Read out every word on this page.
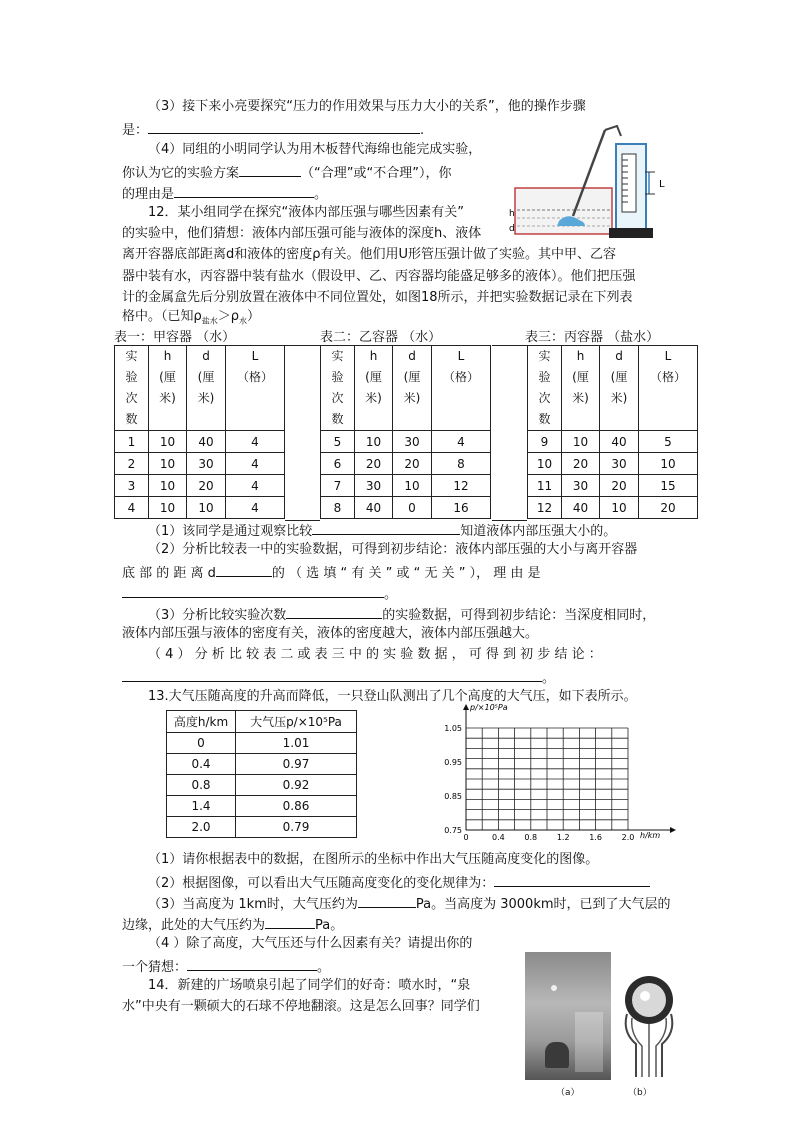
（3）接下来小亮要探究“压力的作用效果与压力大小的关系”，他的操作步骤
是：	.
（4）同组的小明同学认为用木板替代海绵也能完成实验，
你认为它的实验方案	（“合理”或“不合理”），你
的理由是	。
L
h
d
12．某小组同学在探究“液体内部压强与哪些因素有关”
的实验中，他们猜想：液体内部压强可能与液体的深度h、液体
离开容器底部距离d和液体的密度ρ有关。他们用U形管压强计做了实验。其中甲、乙容
器中装有水，丙容器中装有盐水（假设甲、乙、丙容器均能盛足够多的液体）。他们把压强
计的金属盒先后分别放置在液体中不同位置处，如图18所示，并把实验数据记录在下列表
格中。（已知$\rho_{盐水}>\rho_水$）
表一：甲容器 （水）	表二：乙容器 （水）	表三：丙容器 （盐水）
实
验
次
数	h
(厘
米)	d
(厘
米)	L
（格）
1	10	40	4
2	10	30	4
3	10	20	4
4	10	10	4
实
验
次
数	h
(厘
米)	d
(厘
米)	L
（格）
5	10	30	4
6	20	20	8
7	30	10	12
8	40	0	16
实
验
次
数	h
(厘
米)	d
(厘
米)	L
（格）
9	10	40	5
10	20	30	10
11	30	20	15
12	40	10	20
（1）该同学是通过观察比较	知道液体内部压强大小的。
（2）分析比较表一中的实验数据，可得到初步结论：液体内部压强的大小与离开容器
底 部 的 距 离 d	的 （ 选 填 “ 有 关 ” 或 “ 无 关 ” ）， 理 由 是
。
（3）分析比较实验次数	的实验数据，可得到初步结论：当深度相同时，
液体内部压强与液体的密度有关，液体的密度越大，液体内部压强越大。
（ 4 ） 分 析 比 较 表 二 或 表 三 中 的 实 验 数 据 ， 可 得 到 初 步 结 论 ：
。
13.大气压随高度的升高而降低，一只登山队测出了几个高度的大气压，如下表所示。
高度h/km	大气压p/×10⁵Pa
0	1.01
0.4	0.97
0.8	0.92
1.4	0.86
2.0	0.79
0	0.4 0.8 1.2 1.6 2.0
0.75
0.85
0.95
1.05
p/×10⁵Pa
h/km
（1）请你根据表中的数据，在图所示的坐标中作出大气压随高度变化的图像。
（2）根据图像，可以看出大气压随高度变化的变化规律为：
（3）当高度为 1km时，大气压约为	Pa。当高度为 3000km时，已到了大气层的
边缘，此处的大气压约为	Pa。
（4 ）除了高度，大气压还与什么因素有关？请提出你的
一个猜想：	。
14．新建的广场喷泉引起了同学们的好奇：喷水时，“泉
水”中央有一颗硕大的石球不停地翻滚。这是怎么回事？同学们
（a）	（b）
